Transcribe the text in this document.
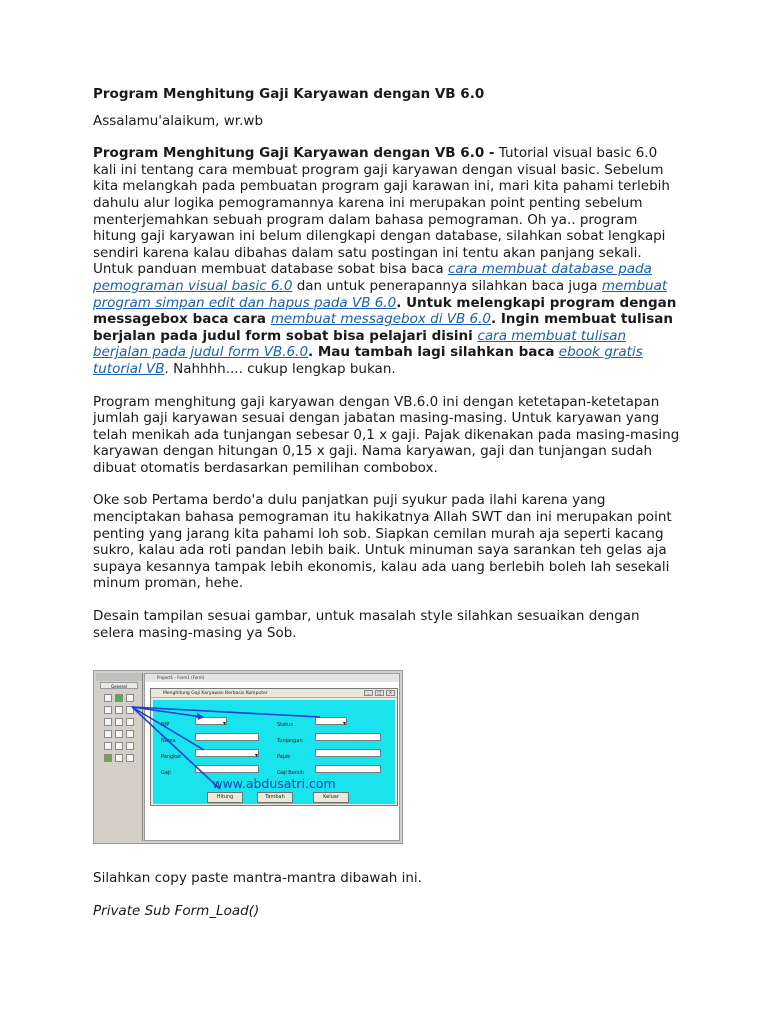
Program Menghitung Gaji Karyawan dengan VB 6.0

Assalamu'alaikum, wr.wb

Program Menghitung Gaji Karyawan dengan VB 6.0 - Tutorial visual basic 6.0 kali ini tentang cara membuat program gaji karyawan dengan visual basic. Sebelum kita melangkah pada pembuatan program gaji karawan ini, mari kita pahami terlebih dahulu alur logika pemogramannya karena ini merupakan point penting sebelum menterjemahkan sebuah program dalam bahasa pemograman. Oh ya.. program hitung gaji karyawan ini belum dilengkapi dengan database, silahkan sobat lengkapi sendiri karena kalau dibahas dalam satu postingan ini tentu akan panjang sekali. Untuk panduan membuat database sobat bisa baca cara membuat database pada pemograman visual basic 6.0 dan untuk penerapannya silahkan baca juga membuat program simpan edit dan hapus pada VB 6.0. Untuk melengkapi program dengan messagebox baca cara membuat messagebox di VB 6.0. Ingin membuat tulisan berjalan pada judul form sobat bisa pelajari disini cara membuat tulisan berjalan pada judul form VB.6.0. Mau tambah lagi silahkan baca ebook gratis tutorial VB. Nahhhh.... cukup lengkap bukan.

Program menghitung gaji karyawan dengan VB.6.0 ini dengan ketetapan-ketetapan jumlah gaji karyawan sesuai dengan jabatan masing-masing. Untuk karyawan yang telah menikah ada tunjangan sebesar 0,1 x gaji. Pajak dikenakan pada masing-masing karyawan dengan hitungan 0,15 x gaji. Nama karyawan, gaji dan tunjangan sudah dibuat otomatis berdasarkan pemilihan combobox.

Oke sob Pertama berdo'a dulu panjatkan puji syukur pada ilahi karena yang menciptakan bahasa pemograman itu hakikatnya Allah SWT dan ini merupakan point penting yang jarang kita pahami loh sob. Siapkan cemilan murah aja seperti kacang sukro, kalau ada roti pandan lebih baik. Untuk minuman saya sarankan teh gelas aja supaya kesannya tampak lebih ekonomis, kalau ada uang berlebih boleh lah sesekali minum proman, hehe.

Desain tampilan sesuai gambar, untuk masalah style silahkan sesuaikan dengan selera masing-masing ya Sob.

General
Project1 - Form1 (Form)
Menghitung Gaji Karyawan Berbasis Komputer	_	□	×
NIP
▾
Nama
Pangkat
▾
Gaji
Status
▾
Tunjangan
Pajak
Gaji Bersih
www.abdusatri.com
Hitung	Tambah	Keluar

Silahkan copy paste mantra-mantra dibawah ini.

Private Sub Form_Load()
